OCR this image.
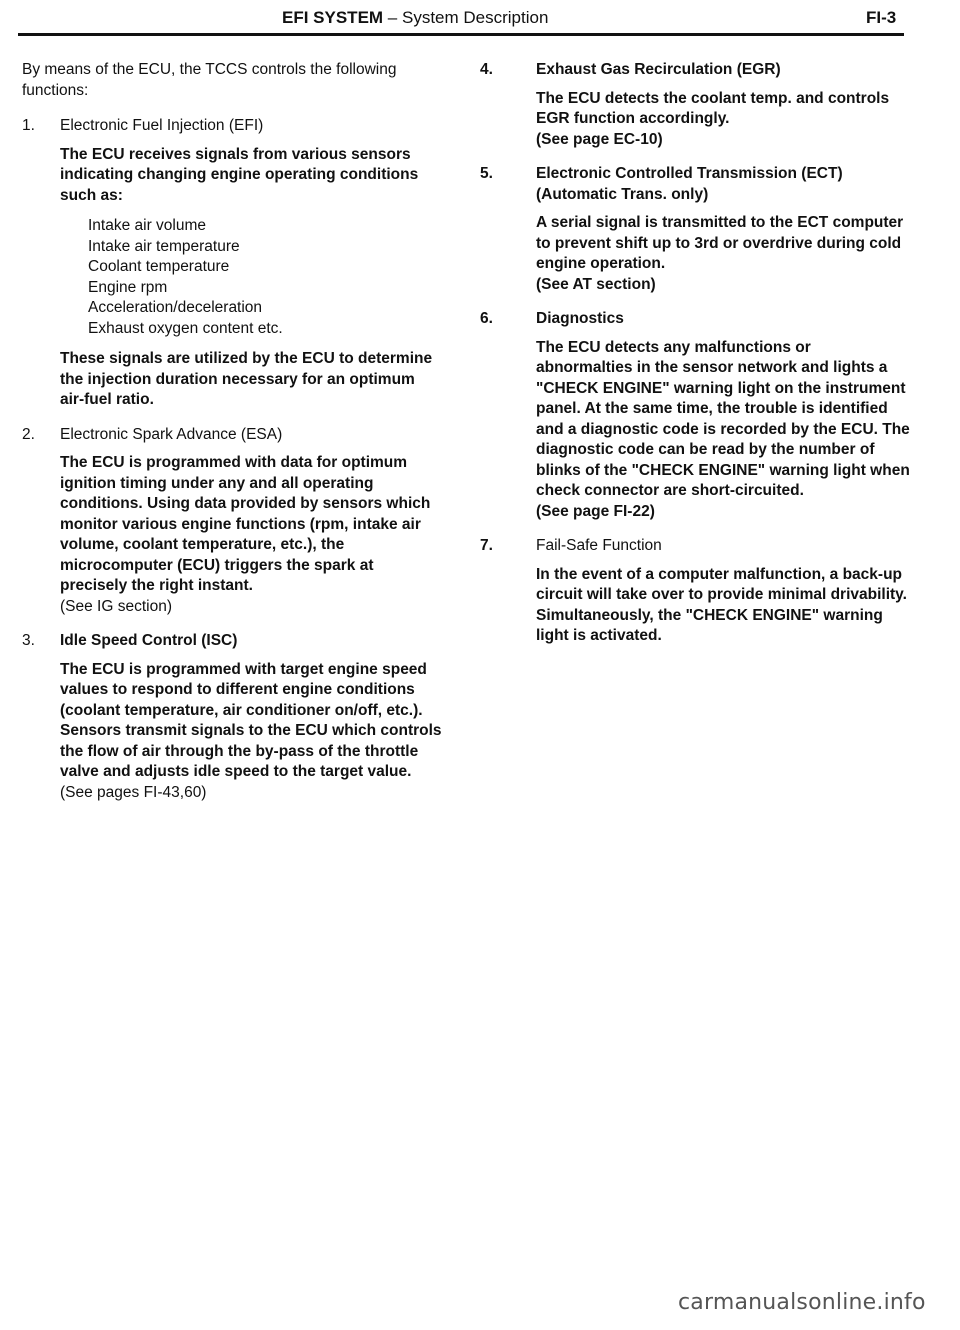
EFI SYSTEM – System Description	FI-3
By means of the ECU, the TCCS controls the following functions:
1. Electronic Fuel Injection (EFI)

The ECU receives signals from various sensors indicating changing engine operating conditions such as:

Intake air volume
Intake air temperature
Coolant temperature
Engine rpm
Acceleration/deceleration
Exhaust oxygen content etc.

These signals are utilized by the ECU to determine the injection duration necessary for an optimum air-fuel ratio.

2. Electronic Spark Advance (ESA)

The ECU is programmed with data for optimum ignition timing under any and all operating conditions. Using data provided by sensors which monitor various engine functions (rpm, intake air volume, coolant temperature, etc.), the microcomputer (ECU) triggers the spark at precisely the right instant.

(See IG section)

3. Idle Speed Control (ISC)

The ECU is programmed with target engine speed values to respond to different engine conditions (coolant temperature, air conditioner on/off, etc.). Sensors transmit signals to the ECU which controls the flow of air through the by-pass of the throttle valve and adjusts idle speed to the target value.

(See pages FI-43,60)

4.	Exhaust Gas Recirculation (EGR)

The ECU detects the coolant temp. and controls EGR function accordingly.

(See page EC-10)

5.	Electronic Controlled Transmission (ECT) (Automatic Trans. only)

A serial signal is transmitted to the ECT computer to prevent shift up to 3rd or overdrive during cold engine operation.

(See AT section)

6.	Diagnostics

The ECU detects any malfunctions or abnormalties in the sensor network and lights a "CHECK ENGINE" warning light on the instrument panel. At the same time, the trouble is identified and a diagnostic code is recorded by the ECU. The diagnostic code can be read by the number of blinks of the "CHECK ENGINE" warning light when check connector are short-circuited.

(See page FI-22)

7.	Fail-Safe Function

In the event of a computer malfunction, a back-up circuit will take over to provide minimal drivability. Simultaneously, the "CHECK ENGINE" warning light is activated.

carmanualsonline.info
